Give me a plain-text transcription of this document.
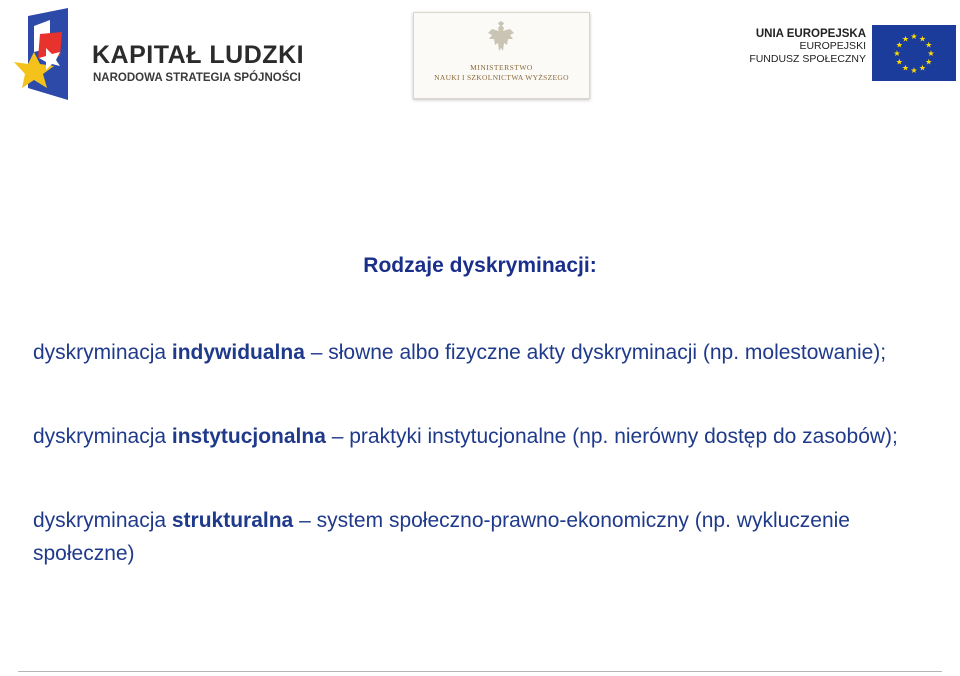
KAPITAŁ LUDZKI
NARODOWA STRATEGIA SPÓJNOŚCI
MINISTERSTWO
NAUKI I SZKOLNICTWA WYŻSZEGO
UNIA EUROPEJSKA
EUROPEJSKI
FUNDUSZ SPOŁECZNY
★ ★
★
★
★
★
★
★
★
★
★
★
Rodzaje dyskryminacji:
dyskryminacja indywidualna – słowne albo fizyczne akty dyskryminacji (np. molestowanie);
dyskryminacja instytucjonalna – praktyki instytucjonalne (np. nierówny dostęp do zasobów);
dyskryminacja strukturalna – system społeczno-prawno-ekonomiczny (np. wykluczenie społeczne)
